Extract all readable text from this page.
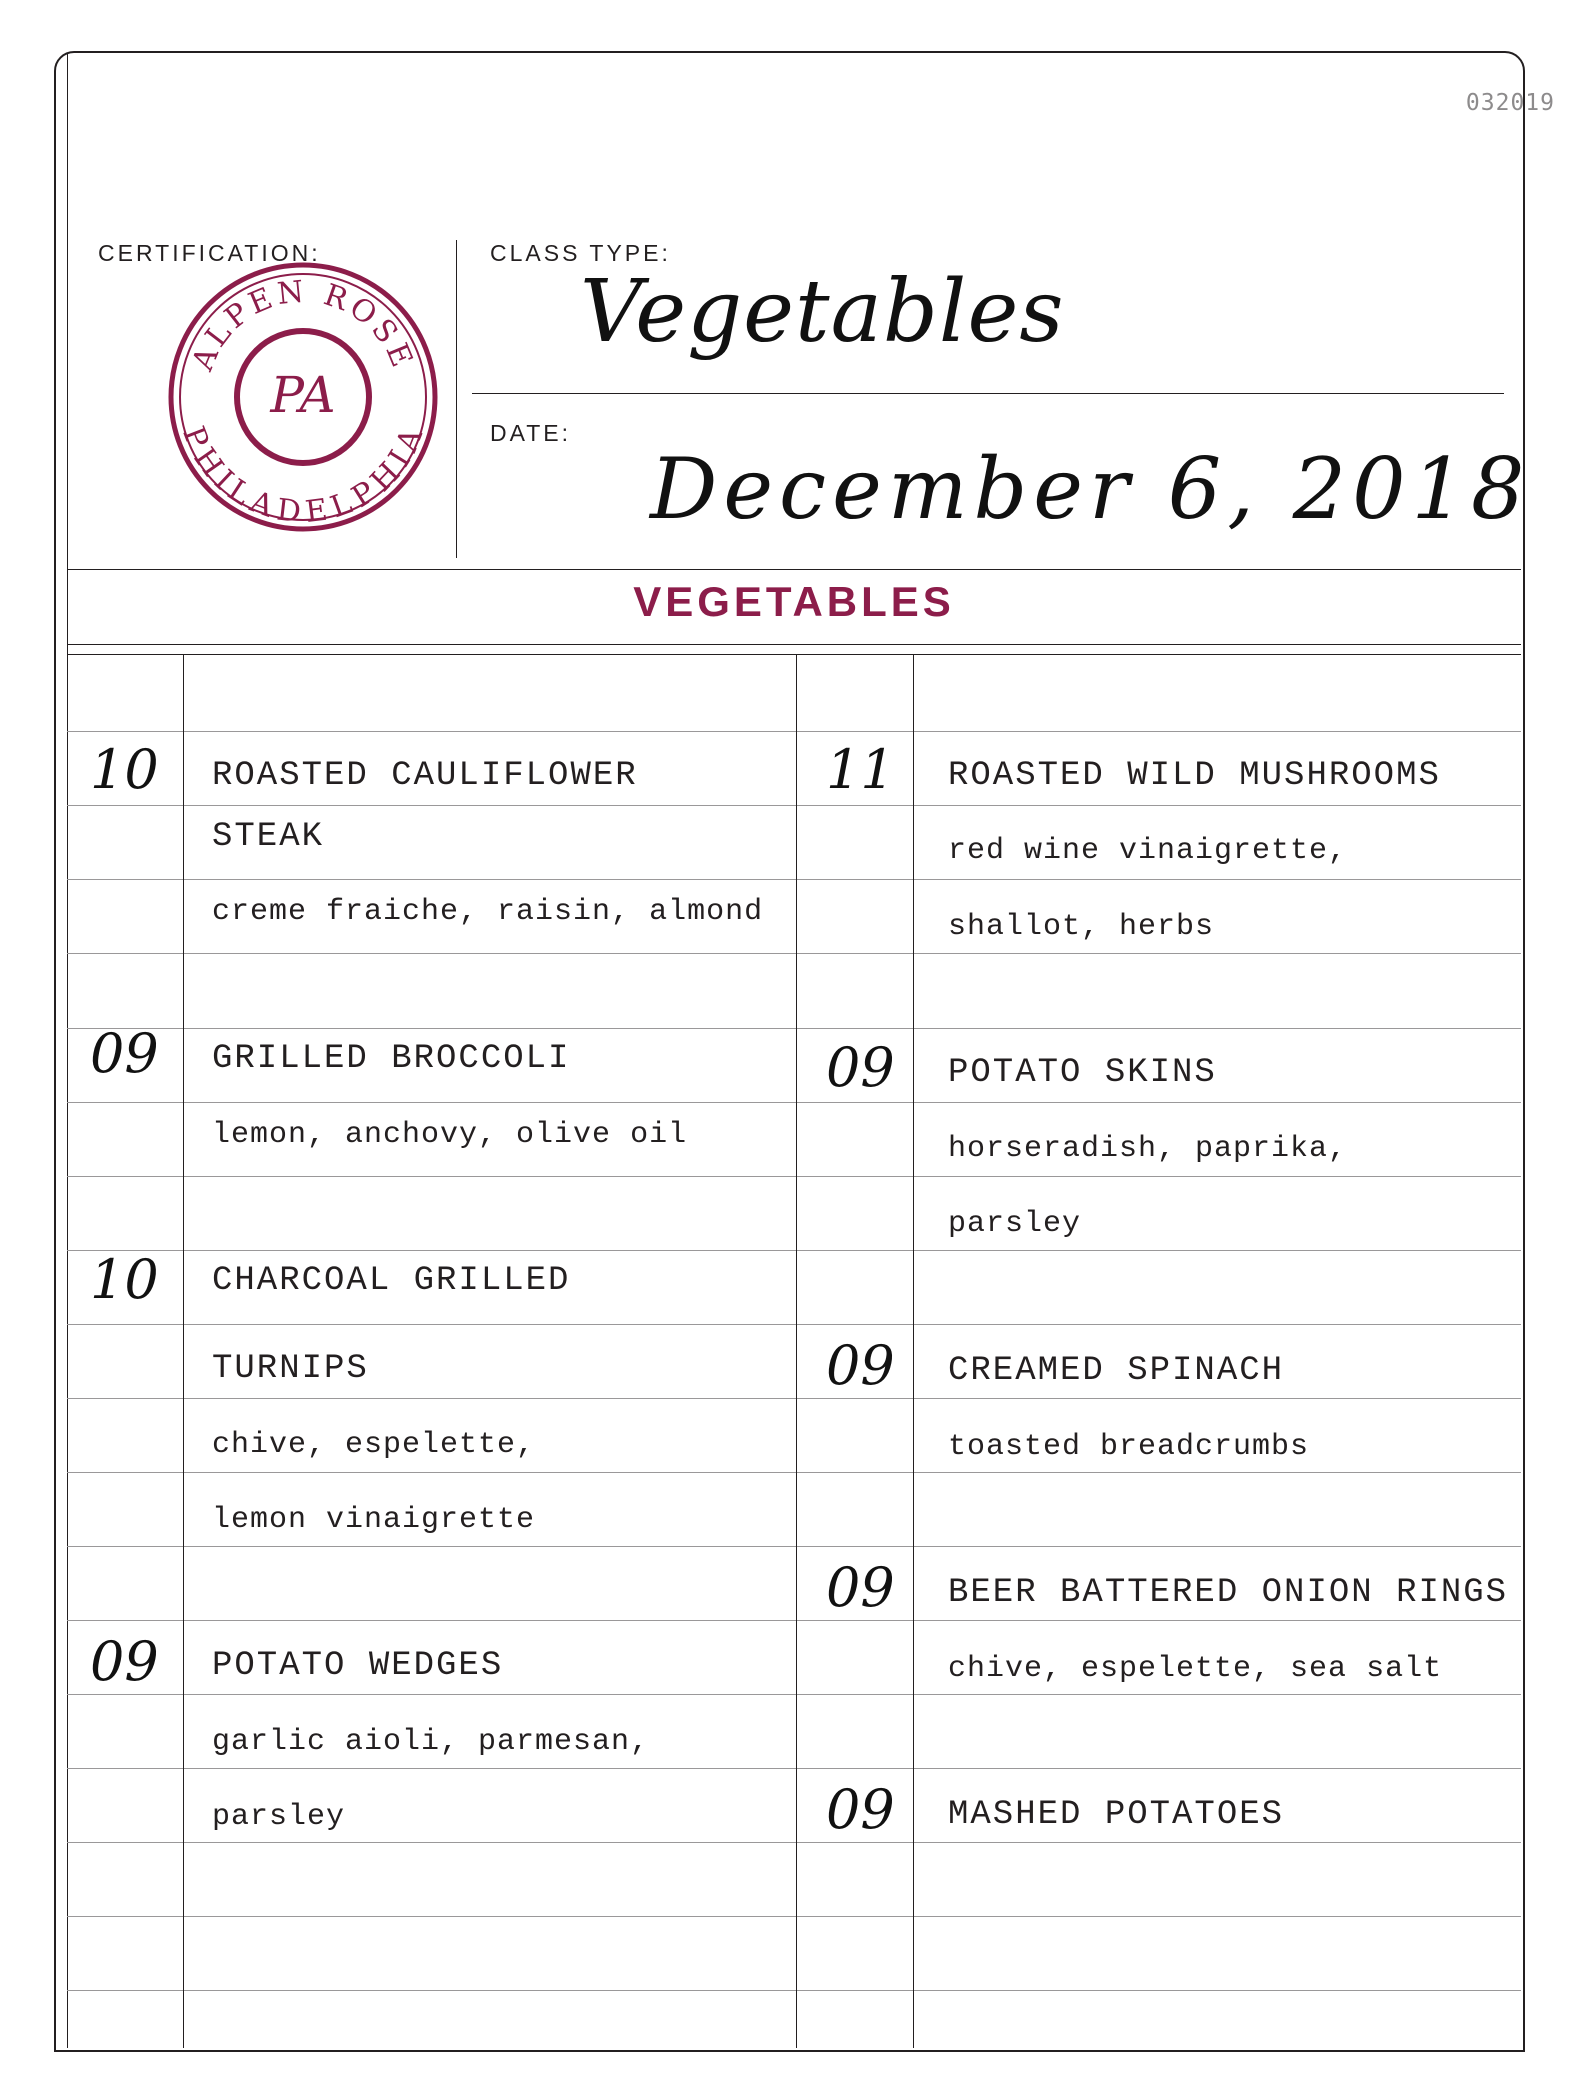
032019
CERTIFICATION:
ALPEN ROSE
PHILADELPHIA
PA
CLASS TYPE:
Vegetables
DATE:
December 6, 2018
VEGETABLES
10 ROASTED CAULIFLOWER
STEAK
creme fraiche, raisin, almond
09 GRILLED BROCCOLI
lemon, anchovy, olive oil
10 CHARCOAL GRILLED
TURNIPS
chive, espelette,
lemon vinaigrette
09 POTATO WEDGES
garlic aioli, parmesan,
parsley
11 ROASTED WILD MUSHROOMS
red wine vinaigrette,
shallot, herbs
09 POTATO SKINS
horseradish, paprika,
parsley
09 CREAMED SPINACH
toasted breadcrumbs
09 BEER BATTERED ONION RINGS
chive, espelette, sea salt
09 MASHED POTATOES
